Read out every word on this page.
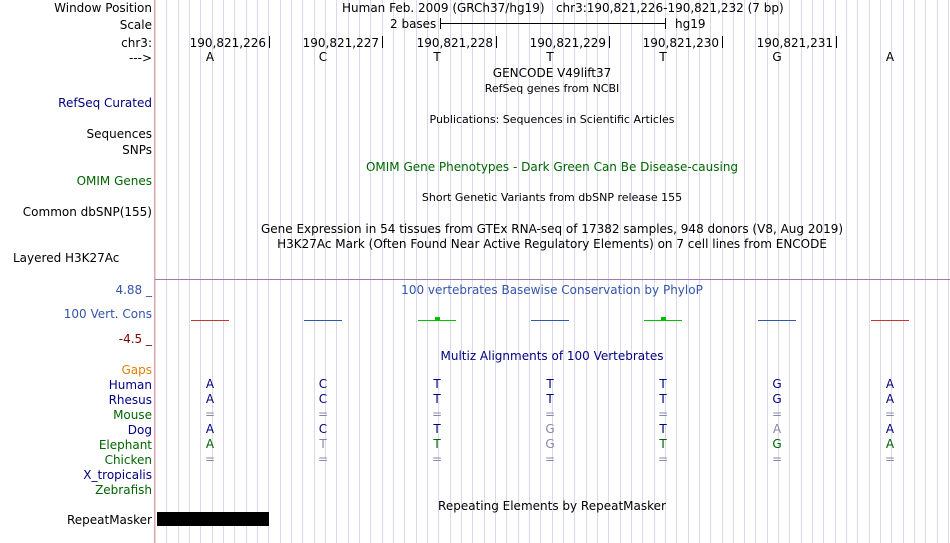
Window Position	Human Feb. 2009 (GRCh37/hg19)   chr3:190,821,226-190,821,232 (7 bp)
Scale	2 bases	hg19
chr3:	190,821,226	190,821,227	190,821,228	190,821,229	190,821,230	190,821,231
--->	A	C	T	T	T	G	A
GENCODE V49lift37
RefSeq genes from NCBI
RefSeq Curated
Publications: Sequences in Scientific Articles
Sequences
SNPs
OMIM Gene Phenotypes - Dark Green Can Be Disease-causing
OMIM Genes
Short Genetic Variants from dbSNP release 155
Common dbSNP(155)
Gene Expression in 54 tissues from GTEx RNA-seq of 17382 samples, 948 donors (V8, Aug 2019)
H3K27Ac Mark (Often Found Near Active Regulatory Elements) on 7 cell lines from ENCODE
Layered H3K27Ac
4.88 _	100 vertebrates Basewise Conservation by PhyloP
100 Vert. Cons
-4.5 _
Multiz Alignments of 100 Vertebrates
Gaps
Human	A	C	T	T	T	G	A
Rhesus	A	C	T	T	T	G	A
Mouse	=	=	=	=	=	=	=
Dog	A	C	T	G	T	A	A
Elephant	A	T	T	G	T	G	A
Chicken	=	=	=	=	=	=	=
X_tropicalis
Zebrafish
Repeating Elements by RepeatMasker
RepeatMasker
